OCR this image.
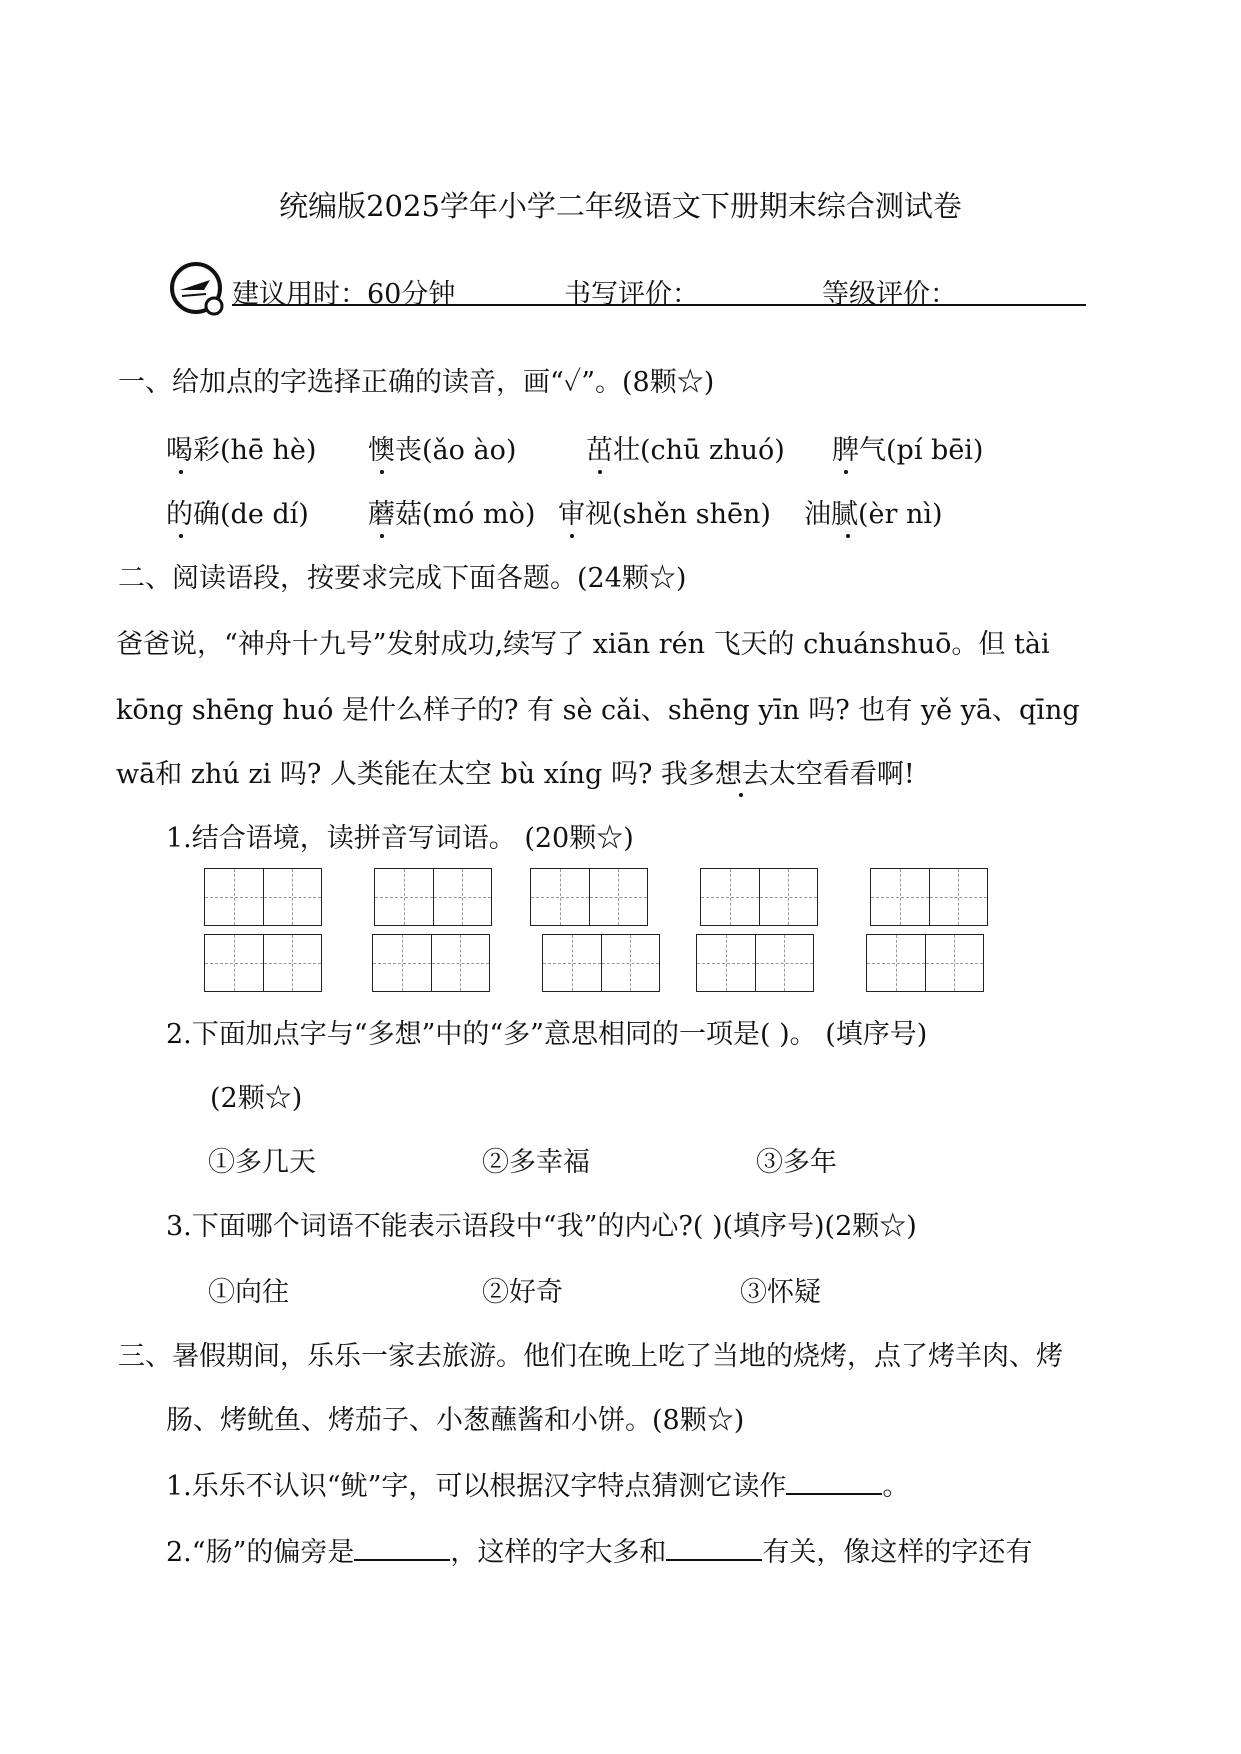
统编版2025学年小学二年级语文下册期末综合测试卷
建议用时：60分钟	书写评价：	等级评价：
一、给加点的字选择正确的读音，画“✓”。(8颗☆)
喝彩(hē hè) 懊丧(ǎo ào)	茁壮(chū zhuó) 脾气(pí bēi)
的确(de dí) 蘑菇(mó mò) 审视(shěn shēn) 油腻(èr nì)
二、阅读语段，按要求完成下面各题。(24颗☆)
爸爸说，“神舟十九号”发射成功,续写了 xiān rén 飞天的 chuánshuō。但 tài
kōng shēng huó 是什么样子的? 有 sè cǎi、shēng yīn 吗? 也有 yě yā、qīng
wā和 zhú zi 吗? 人类能在太空 bù xíng 吗? 我多想去太空看看啊!
1.结合语境，读拼音写词语。 (20颗☆)
2.下面加点字与“多想”中的“多”意思相同的一项是( )。 (填序号)
(2颗☆)
①多几天	②多幸福	③多年
3.下面哪个词语不能表示语段中“我”的内心?( )(填序号)(2颗☆)
①向往	②好奇	③怀疑
三、暑假期间，乐乐一家去旅游。他们在晚上吃了当地的烧烤，点了烤羊肉、烤
肠、烤鱿鱼、烤茄子、小葱蘸酱和小饼。(8颗☆)
1.乐乐不认识“鱿”字，可以根据汉字特点猜测它读作	。
2.“肠”的偏旁是	，这样的字大多和	有关，像这样的字还有
